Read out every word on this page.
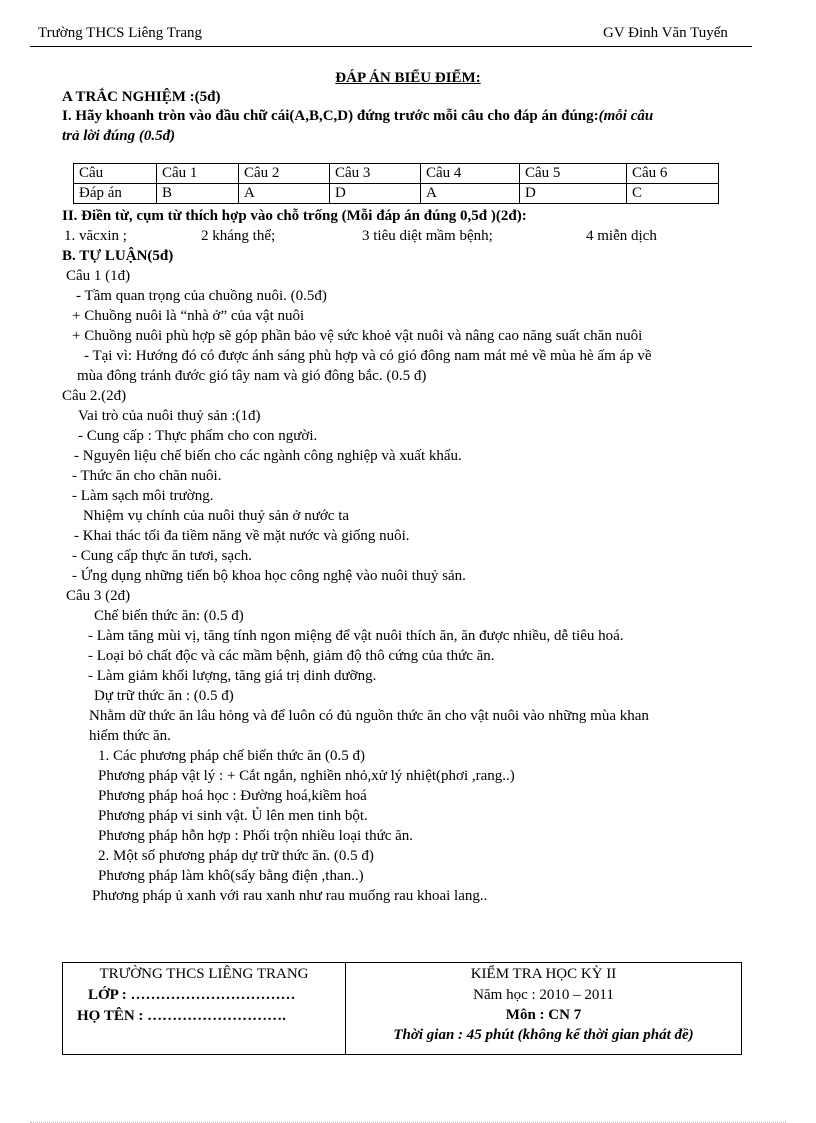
Trường THCS Liêng Trang	GV Đinh Văn Tuyến
ĐÁP ÁN BIỂU ĐIỂM:
A TRẮC NGHIỆM :(5đ)
I. Hãy khoanh tròn vào đầu chữ cái(A,B,C,D) đứng trước mỗi câu cho đáp án đúng:(mỗi câu
trả lời đúng (0.5đ)
Câu	Câu 1	Câu 2	Câu 3	Câu 4	Câu 5	Câu 6
Đáp án	B	A	D	A	D	C
II. Điền từ, cụm từ thích hợp vào chỗ trống (Mỗi đáp án đúng 0,5đ )(2đ):
1. văcxin ;	2 kháng thể;	3 tiêu diệt mầm bệnh;	4 miễn dịch
B. TỰ LUẬN(5đ)
Câu 1 (1đ)
- Tầm quan trọng của chuồng nuôi. (0.5đ)
+ Chuồng nuôi là “nhà ở” của vật nuôi
+ Chuồng nuôi phù hợp sẽ góp phần bảo vệ sức khoẻ vật nuôi và nâng cao năng suất chăn nuôi
- Tại vì: Hướng đó có được ánh sáng phù hợp và có gió đông nam mát mẻ về mùa hè ấm áp về
mùa đông tránh đước gió tây nam và gió đông bắc. (0.5 đ)
Câu 2.(2đ)
Vai trò của nuôi thuỷ sản :(1đ)
- Cung cấp : Thực phẩm cho con người.
- Nguyên liệu chế biến cho các ngành công nghiệp và xuất khẩu.
- Thức ăn cho chăn nuôi.
- Làm sạch môi trường.
Nhiệm vụ chính của nuôi thuỷ sản ở nước ta
- Khai thác tối đa tiềm năng về mặt nước và giống nuôi.
- Cung cấp thực ăn tươi, sạch.
- Ứng dụng những tiến bộ khoa học công nghệ vào nuôi thuỷ sản.
Câu 3 (2đ)
Chế biến thức ăn: (0.5 đ)
- Làm tăng mùi vị, tăng tính ngon miệng để vật nuôi thích ăn, ăn được nhiều, dễ tiêu hoá.
- Loại bỏ chất độc và các mầm bệnh, giảm độ thô cứng của thức ăn.
- Làm giảm khối lượng, tăng giá trị dinh dưỡng.
Dự trữ thức ăn : (0.5 đ)
Nhằm dữ thức ăn lâu hỏng và để luôn có đủ nguồn thức ăn cho vật nuôi vào những mùa khan
hiếm thức ăn.
1. Các phương pháp chế biến thức ăn (0.5 đ)
Phương pháp vật lý : + Cắt ngắn, nghiền nhỏ,xử lý nhiệt(phơi ,rang..)
Phương pháp hoá học : Đường hoá,kiềm hoá
Phương pháp vi sinh vật. Ủ lên men tinh bột.
Phương pháp hỗn hợp : Phối trộn nhiều loại thức ăn.
2. Một số phương pháp dự trữ thức ăn. (0.5 đ)
Phương pháp làm khô(sấy bằng điện ,than..)
Phương pháp ủ xanh với rau xanh như rau muống rau khoai lang..
TRƯỜNG THCS LIÊNG TRANG
LỚP : ……………………………
HỌ TÊN : ……………………….
KIỂM TRA HỌC KỲ II
Năm học : 2010 – 2011
Môn : CN 7
Thời gian : 45 phút (không kể thời gian phát đề)
